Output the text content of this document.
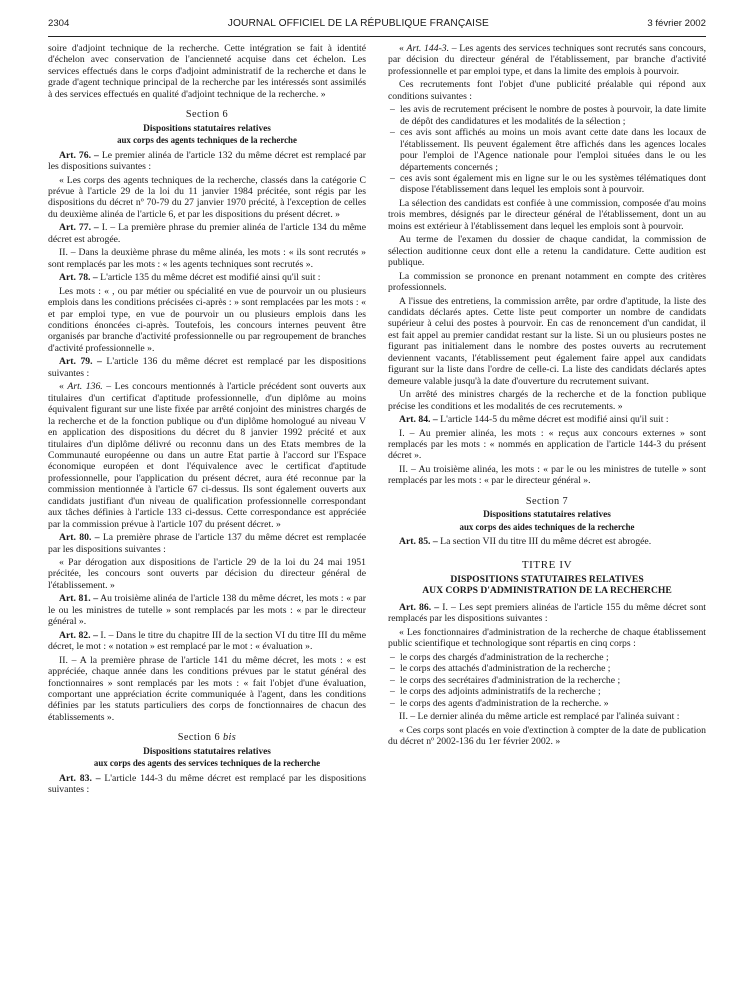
2304	JOURNAL OFFICIEL DE LA RÉPUBLIQUE FRANÇAISE	3 février 2002

soire d'adjoint technique de la recherche. Cette intégration se fait à identité d'échelon avec conservation de l'ancienneté acquise dans cet échelon. Les services effectués dans le corps d'adjoint administratif de la recherche et dans le grade d'agent technique principal de la recherche par les intéressés sont assimilés à des services effectués en qualité d'adjoint technique de la recherche. »

Section 6
Dispositions statutaires relatives
aux corps des agents techniques de la recherche

Art. 76. – Le premier alinéa de l'article 132 du même décret est remplacé par les dispositions suivantes :

« Les corps des agents techniques de la recherche, classés dans la catégorie C prévue à l'article 29 de la loi du 11 janvier 1984 précitée, sont régis par les dispositions du décret nº 70-79 du 27 janvier 1970 précité, à l'exception de celles du deuxième alinéa de l'article 6, et par les dispositions du présent décret. »

Art. 77. – I. – La première phrase du premier alinéa de l'article 134 du même décret est abrogée.

II. – Dans la deuxième phrase du même alinéa, les mots : « ils sont recrutés » sont remplacés par les mots : « les agents techniques sont recrutés ».

Art. 78. – L'article 135 du même décret est modifié ainsi qu'il suit :

Les mots : « , ou par métier ou spécialité en vue de pourvoir un ou plusieurs emplois dans les conditions précisées ci-après : » sont remplacées par les mots : « et par emploi type, en vue de pourvoir un ou plusieurs emplois dans les conditions énoncées ci-après. Toutefois, les concours internes peuvent être organisés par branche d'activité professionnelle ou par regroupement de branches d'activité professionnelle ».

Art. 79. – L'article 136 du même décret est remplacé par les dispositions suivantes :

« Art. 136. – Les concours mentionnés à l'article précédent sont ouverts aux titulaires d'un certificat d'aptitude professionnelle, d'un diplôme au moins équivalent figurant sur une liste fixée par arrêté conjoint des ministres chargés de la recherche et de la fonction publique ou d'un diplôme homologué au niveau V en application des dispositions du décret du 8 janvier 1992 précité et aux titulaires d'un diplôme délivré ou reconnu dans un des Etats membres de la Communauté européenne ou dans un autre Etat partie à l'accord sur l'Espace économique européen et dont l'équivalence avec le certificat d'aptitude professionnelle, pour l'application du présent décret, aura été reconnue par la commission mentionnée à l'article 67 ci-dessus. Ils sont également ouverts aux candidats justifiant d'un niveau de qualification professionnelle correspondant aux tâches définies à l'article 133 ci-dessus. Cette correspondance est appréciée par la commission prévue à l'article 107 du présent décret. »

Art. 80. – La première phrase de l'article 137 du même décret est remplacée par les dispositions suivantes :

« Par dérogation aux dispositions de l'article 29 de la loi du 24 mai 1951 précitée, les concours sont ouverts par décision du directeur général de l'établissement. »

Art. 81. – Au troisième alinéa de l'article 138 du même décret, les mots : « par le ou les ministres de tutelle » sont remplacés par les mots : « par le directeur général ».

Art. 82. – I. – Dans le titre du chapitre III de la section VI du titre III du même décret, le mot : « notation » est remplacé par le mot : « évaluation ».

II. – A la première phrase de l'article 141 du même décret, les mots : « est appréciée, chaque année dans les conditions prévues par le statut général des fonctionnaires » sont remplacés par les mots : « fait l'objet d'une évaluation, comportant une appréciation écrite communiquée à l'agent, dans les conditions définies par les statuts particuliers des corps de fonctionnaires de chacun des établissements ».

Section 6 bis
Dispositions statutaires relatives
aux corps des agents des services techniques de la recherche

Art. 83. – L'article 144-3 du même décret est remplacé par les dispositions suivantes :

« Art. 144-3. – Les agents des services techniques sont recrutés sans concours, par décision du directeur général de l'établissement, par branche d'activité professionnelle et par emploi type, et dans la limite des emplois à pourvoir.

Ces recrutements font l'objet d'une publicité préalable qui répond aux conditions suivantes :

– les avis de recrutement précisent le nombre de postes à pourvoir, la date limite de dépôt des candidatures et les modalités de la sélection ;

– ces avis sont affichés au moins un mois avant cette date dans les locaux de l'établissement. Ils peuvent également être affichés dans les agences locales pour l'emploi de l'Agence nationale pour l'emploi situées dans le ou les départements concernés ;

– ces avis sont également mis en ligne sur le ou les systèmes télématiques dont dispose l'établissement dans lequel les emplois sont à pourvoir.

La sélection des candidats est confiée à une commission, composée d'au moins trois membres, désignés par le directeur général de l'établissement, dont un au moins est extérieur à l'établissement dans lequel les emplois sont à pourvoir.

Au terme de l'examen du dossier de chaque candidat, la commission de sélection auditionne ceux dont elle a retenu la candidature. Cette audition est publique.

La commission se prononce en prenant notamment en compte des critères professionnels.

A l'issue des entretiens, la commission arrête, par ordre d'aptitude, la liste des candidats déclarés aptes. Cette liste peut comporter un nombre de candidats supérieur à celui des postes à pourvoir. En cas de renoncement d'un candidat, il est fait appel au premier candidat restant sur la liste. Si un ou plusieurs postes ne figurant pas initialement dans le nombre des postes ouverts au recrutement deviennent vacants, l'établissement peut également faire appel aux candidats figurant sur la liste dans l'ordre de celle-ci. La liste des candidats déclarés aptes demeure valable jusqu'à la date d'ouverture du recrutement suivant.

Un arrêté des ministres chargés de la recherche et de la fonction publique précise les conditions et les modalités de ces recrutements. »

Art. 84. – L'article 144-5 du même décret est modifié ainsi qu'il suit :

I. – Au premier alinéa, les mots : « reçus aux concours externes » sont remplacés par les mots : « nommés en application de l'article 144-3 du présent décret ».

II. – Au troisième alinéa, les mots : « par le ou les ministres de tutelle » sont remplacés par les mots : « par le directeur général ».

Section 7
Dispositions statutaires relatives
aux corps des aides techniques de la recherche

Art. 85. – La section VII du titre III du même décret est abrogée.

TITRE IV
DISPOSITIONS STATUTAIRES RELATIVES
AUX CORPS D'ADMINISTRATION DE LA RECHERCHE

Art. 86. – I. – Les sept premiers alinéas de l'article 155 du même décret sont remplacés par les dispositions suivantes :

« Les fonctionnaires d'administration de la recherche de chaque établissement public scientifique et technologique sont répartis en cinq corps :

– le corps des chargés d'administration de la recherche ;

– le corps des attachés d'administration de la recherche ;

– le corps des secrétaires d'administration de la recherche ;

– le corps des adjoints administratifs de la recherche ;

– le corps des agents d'administration de la recherche. »

II. – Le dernier alinéa du même article est remplacé par l'alinéa suivant :

« Ces corps sont placés en voie d'extinction à compter de la date de publication du décret nº 2002-136 du 1er février 2002. »
